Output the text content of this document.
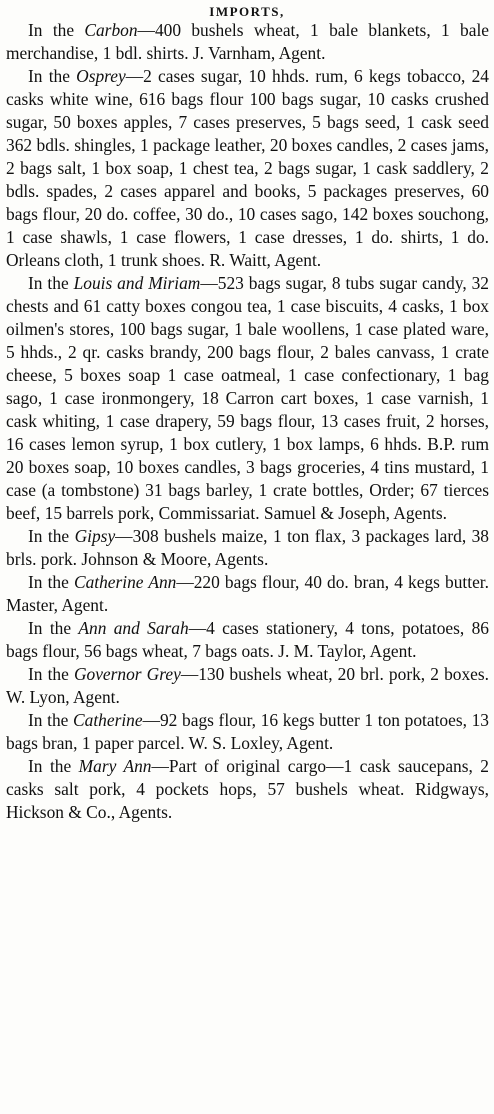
IMPORTS,

In the Carbon—400 bushels wheat, 1 bale blankets, 1 bale merchandise, 1 bdl. shirts. J. Varnham, Agent.

In the Osprey—2 cases sugar, 10 hhds. rum, 6 kegs tobacco, 24 casks white wine, 616 bags flour 100 bags sugar, 10 casks crushed sugar, 50 boxes apples, 7 cases preserves, 5 bags seed, 1 cask seed 362 bdls. shingles, 1 package leather, 20 boxes candles, 2 cases jams, 2 bags salt, 1 box soap, 1 chest tea, 2 bags sugar, 1 cask saddlery, 2 bdls. spades, 2 cases apparel and books, 5 packages preserves, 60 bags flour, 20 do. coffee, 30 do., 10 cases sago, 142 boxes souchong, 1 case shawls, 1 case flowers, 1 case dresses, 1 do. shirts, 1 do. Orleans cloth, 1 trunk shoes. R. Waitt, Agent.

In the Louis and Miriam—523 bags sugar, 8 tubs sugar candy, 32 chests and 61 catty boxes congou tea, 1 case biscuits, 4 casks, 1 box oilmen's stores, 100 bags sugar, 1 bale woollens, 1 case plated ware, 5 hhds., 2 qr. casks brandy, 200 bags flour, 2 bales canvass, 1 crate cheese, 5 boxes soap 1 case oatmeal, 1 case confectionary, 1 bag sago, 1 case ironmongery, 18 Carron cart boxes, 1 case varnish, 1 cask whiting, 1 case drapery, 59 bags flour, 13 cases fruit, 2 horses, 16 cases lemon syrup, 1 box cutlery, 1 box lamps, 6 hhds. B.P. rum 20 boxes soap, 10 boxes candles, 3 bags groceries, 4 tins mustard, 1 case (a tombstone) 31 bags barley, 1 crate bottles, Order; 67 tierces beef, 15 barrels pork, Commissariat. Samuel & Joseph, Agents.

In the Gipsy—308 bushels maize, 1 ton flax, 3 packages lard, 38 brls. pork. Johnson & Moore, Agents.

In the Catherine Ann—220 bags flour, 40 do. bran, 4 kegs butter. Master, Agent.

In the Ann and Sarah—4 cases stationery, 4 tons, potatoes, 86 bags flour, 56 bags wheat, 7 bags oats. J. M. Taylor, Agent.

In the Governor Grey—130 bushels wheat, 20 brl. pork, 2 boxes. W. Lyon, Agent.

In the Catherine—92 bags flour, 16 kegs butter 1 ton potatoes, 13 bags bran, 1 paper parcel. W. S. Loxley, Agent.

In the Mary Ann—Part of original cargo—1 cask saucepans, 2 casks salt pork, 4 pockets hops, 57 bushels wheat. Ridgways, Hickson & Co., Agents.
